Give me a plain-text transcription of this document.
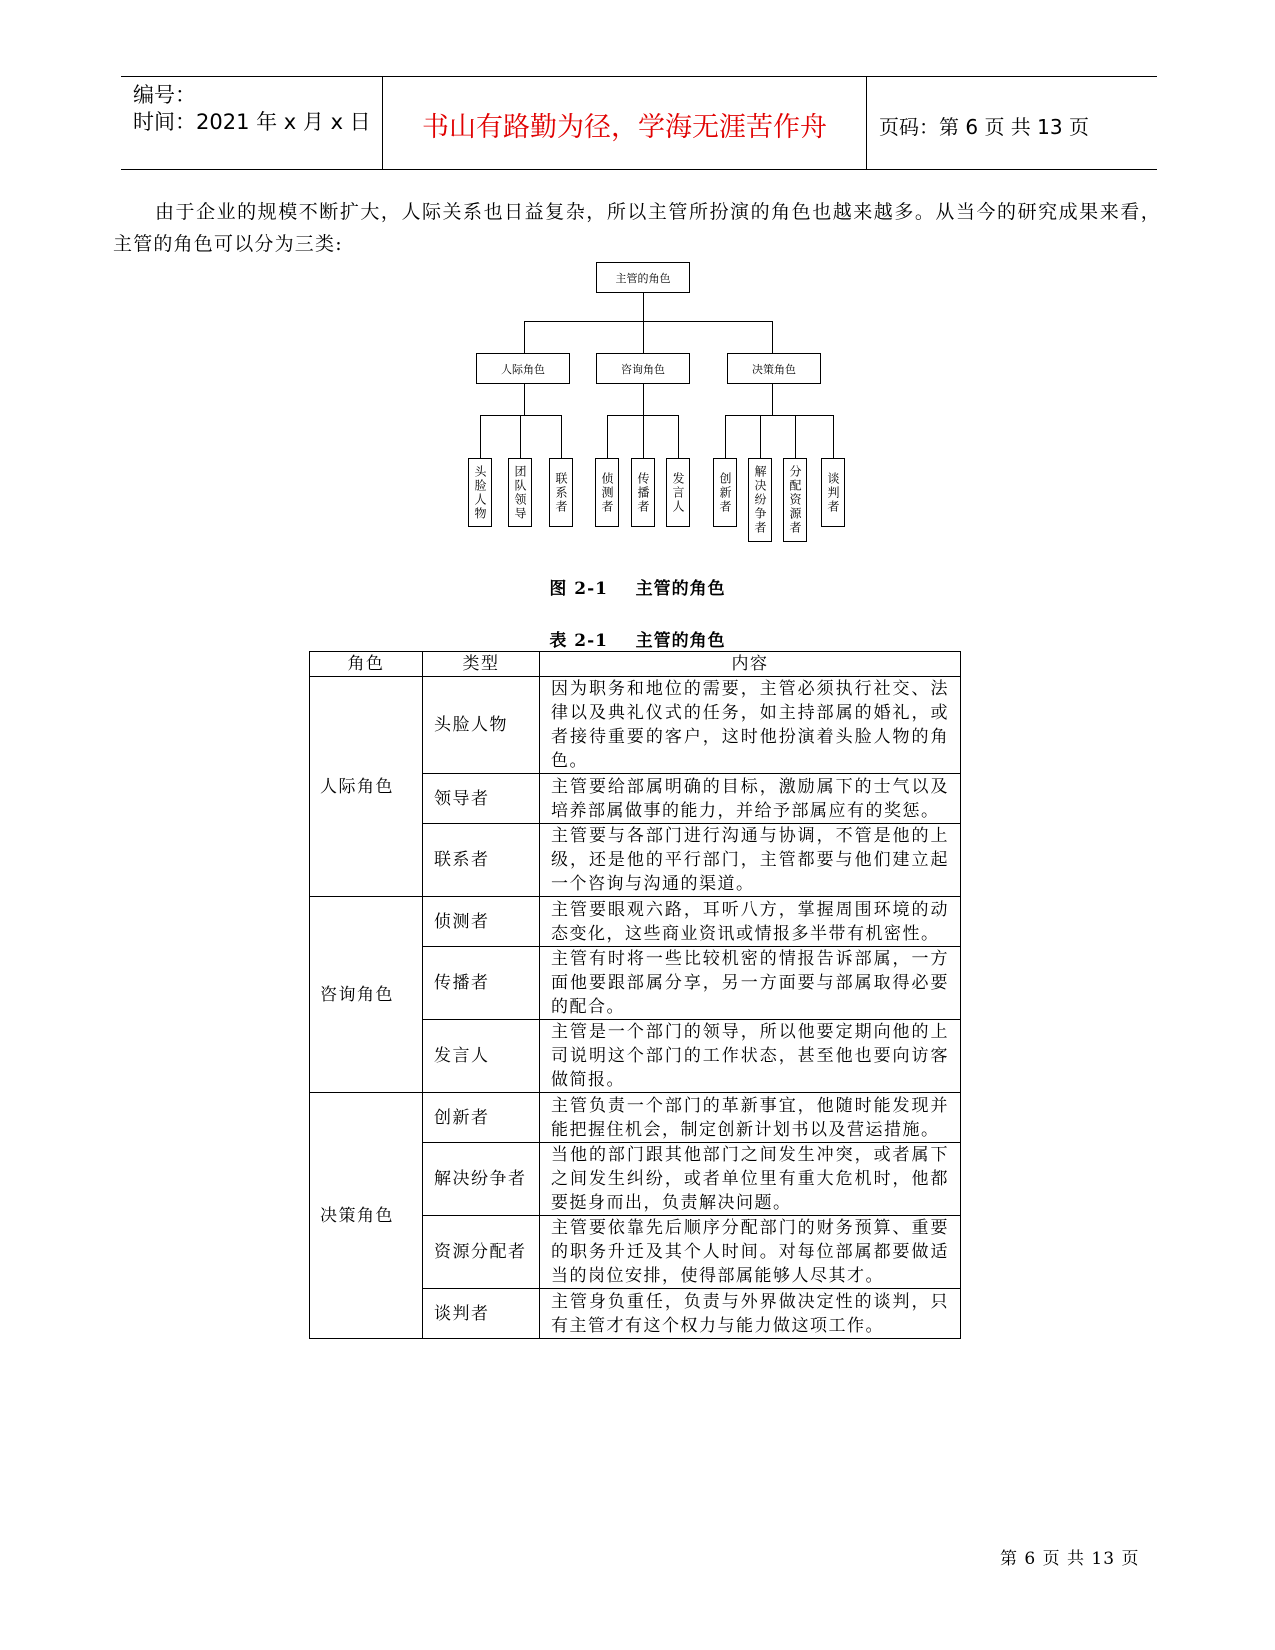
编号：
时间：2021 年 x 月 x 日	书山有路勤为径，学海无涯苦作舟	页码：第 6 页 共 13 页
由于企业的规模不断扩大，人际关系也日益复杂，所以主管所扮演的角色也越来越多。从当今的研究成果来看，主管的角色可以分为三类:
主管的角色
人际角色	咨询角色	决策角色
头脸人物	团队领导	联系者	侦测者	传播者	发言人	创新者	解决纷争者	分配资源者	谈判者
图 2-1    主管的角色
表 2-1    主管的角色
角色	类型	内容
人际角色	头脸人物	因为职务和地位的需要，主管必须执行社交、法律以及典礼仪式的任务，如主持部属的婚礼，或者接待重要的客户，这时他扮演着头脸人物的角色。
	领导者	主管要给部属明确的目标，激励属下的士气以及培养部属做事的能力，并给予部属应有的奖惩。
	联系者	主管要与各部门进行沟通与协调，不管是他的上级，还是他的平行部门，主管都要与他们建立起一个咨询与沟通的渠道。
咨询角色	侦测者	主管要眼观六路，耳听八方，掌握周围环境的动态变化，这些商业资讯或情报多半带有机密性。
	传播者	主管有时将一些比较机密的情报告诉部属，一方面他要跟部属分享，另一方面要与部属取得必要的配合。
	发言人	主管是一个部门的领导，所以他要定期向他的上司说明这个部门的工作状态，甚至他也要向访客做简报。
决策角色	创新者	主管负责一个部门的革新事宜，他随时能发现并能把握住机会，制定创新计划书以及营运措施。
	解决纷争者	当他的部门跟其他部门之间发生冲突，或者属下之间发生纠纷，或者单位里有重大危机时，他都要挺身而出，负责解决问题。
	资源分配者	主管要依靠先后顺序分配部门的财务预算、重要的职务升迁及其个人时间。对每位部属都要做适当的岗位安排，使得部属能够人尽其才。
	谈判者	主管身负重任，负责与外界做决定性的谈判，只有主管才有这个权力与能力做这项工作。
第 6 页 共 13 页
